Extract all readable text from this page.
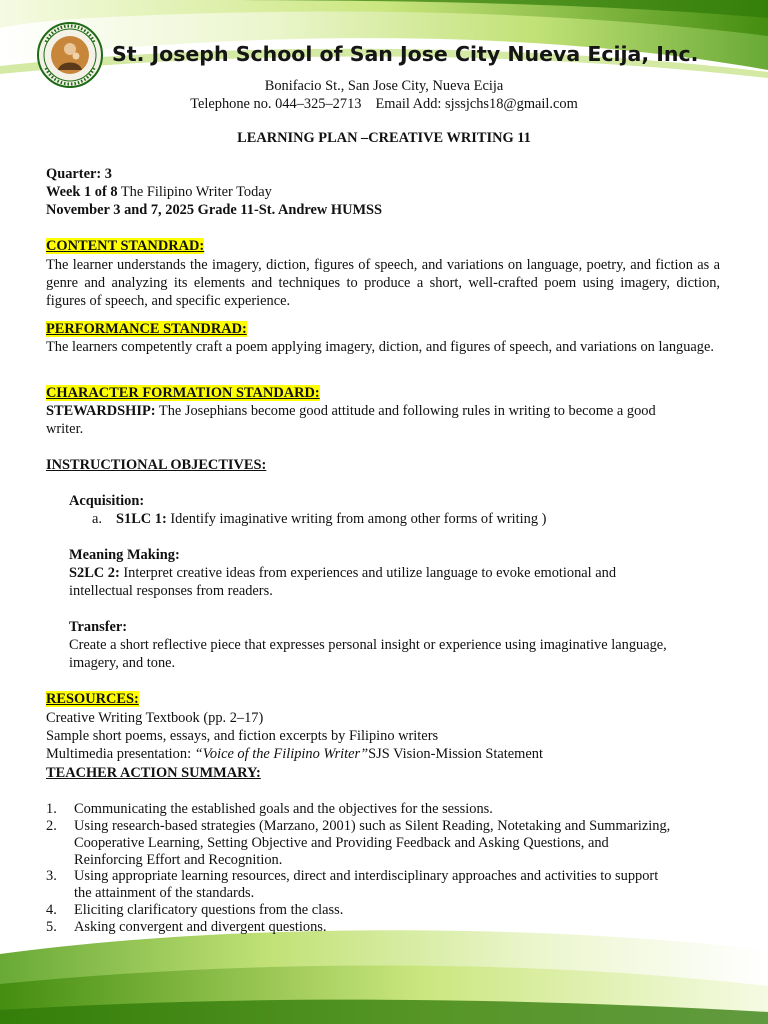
St. Joseph School of San Jose City Nueva Ecija, Inc.
Bonifacio St., San Jose City, Nueva Ecija
Telephone no. 044–325–2713 Email Add: sjssjchs18@gmail.com
LEARNING PLAN –CREATIVE WRITING 11
Quarter: 3
Week 1 of 8 The Filipino Writer Today
November 3 and 7, 2025 Grade 11-St. Andrew HUMSS
CONTENT STANDRAD:

The learner understands the imagery, diction, figures of speech, and variations on language, poetry, and fiction as a genre and analyzing its elements and techniques to produce a short, well-crafted poem using imagery, diction, figures of speech, and specific experience.

PERFORMANCE STANDRAD:

The learners competently craft a poem applying imagery, diction, and figures of speech, and variations on language.

CHARACTER FORMATION STANDARD:
STEWARDSHIP: The Josephians become good attitude and following rules in writing to become a good
writer.
INSTRUCTIONAL OBJECTIVES:
Acquisition:
a. S1LC 1: Identify imaginative writing from among other forms of writing )
Meaning Making:
S2LC 2: Interpret creative ideas from experiences and utilize language to evoke emotional and
intellectual responses from readers.
Transfer:
Create a short reflective piece that expresses personal insight or experience using imaginative language,
imagery, and tone.
RESOURCES:
Creative Writing Textbook (pp. 2–17)
Sample short poems, essays, and fiction excerpts by Filipino writers
Multimedia presentation: “Voice of the Filipino Writer”SJS Vision-Mission Statement
TEACHER ACTION SUMMARY:
1. Communicating the established goals and the objectives for the sessions.
2. Using research-based strategies (Marzano, 2001) such as Silent Reading, Notetaking and Summarizing,
Cooperative Learning, Setting Objective and Providing Feedback and Asking Questions, and
Reinforcing Effort and Recognition.
3. Using appropriate learning resources, direct and interdisciplinary approaches and activities to support
the attainment of the standards.
4. Eliciting clarificatory questions from the class.
5. Asking convergent and divergent questions.
